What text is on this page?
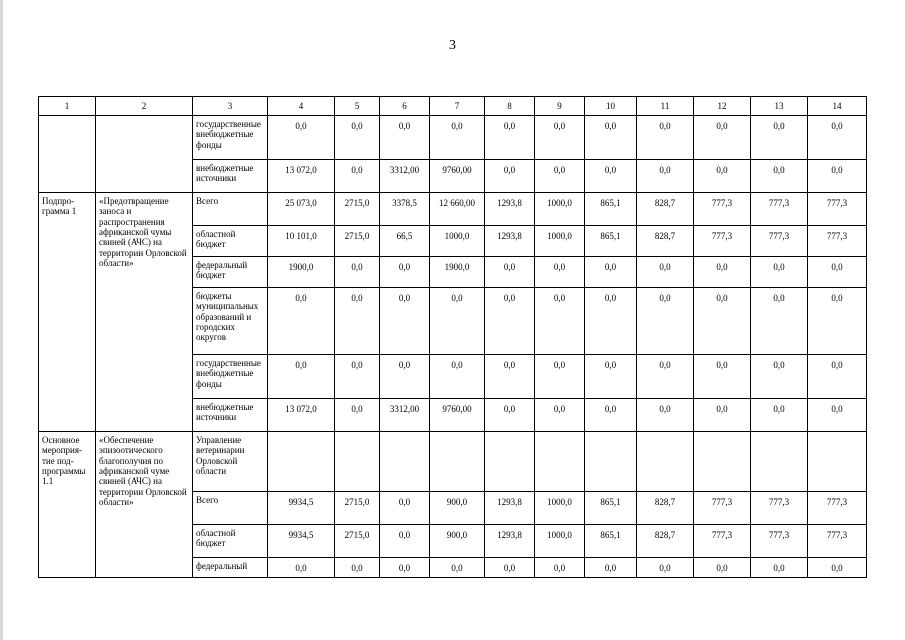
3
1	2	3	4	5	6	7	8	9	10	11	12	13	14
		государственные внебюджетные фонды	0,0	0,0	0,0	0,0	0,0	0,0	0,0	0,0	0,0	0,0	0,0
		внебюджетные источники	13 072,0	0,0	3312,00	9760,00	0,0	0,0	0,0	0,0	0,0	0,0	0,0
Подпро-грамма 1	«Предотвращение заноса и распространения африканской чумы свиней (АЧС) на территории Орловской области»	Всего	25 073,0	2715,0	3378,5	12 660,00	1293,8	1000,0	865,1	828,7	777,3	777,3	777,3
		областной бюджет	10 101,0	2715,0	66,5	1000,0	1293,8	1000,0	865,1	828,7	777,3	777,3	777,3
		федеральный бюджет	1900,0	0,0	0,0	1900,0	0,0	0,0	0,0	0,0	0,0	0,0	0,0
		бюджеты муниципальных образований и городских округов	0,0	0,0	0,0	0,0	0,0	0,0	0,0	0,0	0,0	0,0	0,0
		государственные внебюджетные фонды	0,0	0,0	0,0	0,0	0,0	0,0	0,0	0,0	0,0	0,0	0,0
		внебюджетные источники	13 072,0	0,0	3312,00	9760,00	0,0	0,0	0,0	0,0	0,0	0,0	0,0
Основное мероприя-тие под-программы 1.1	«Обеспечение эпизоотического благополучия по африканской чуме свиней (АЧС) на территории Орловской области»	Управление ветеринарии Орловской области											
		Всего	9934,5	2715,0	0,0	900,0	1293,8	1000,0	865,1	828,7	777,3	777,3	777,3
		областной бюджет	9934,5	2715,0	0,0	900,0	1293,8	1000,0	865,1	828,7	777,3	777,3	777,3
		федеральный	0,0	0,0	0,0	0,0	0,0	0,0	0,0	0,0	0,0	0,0	0,0
